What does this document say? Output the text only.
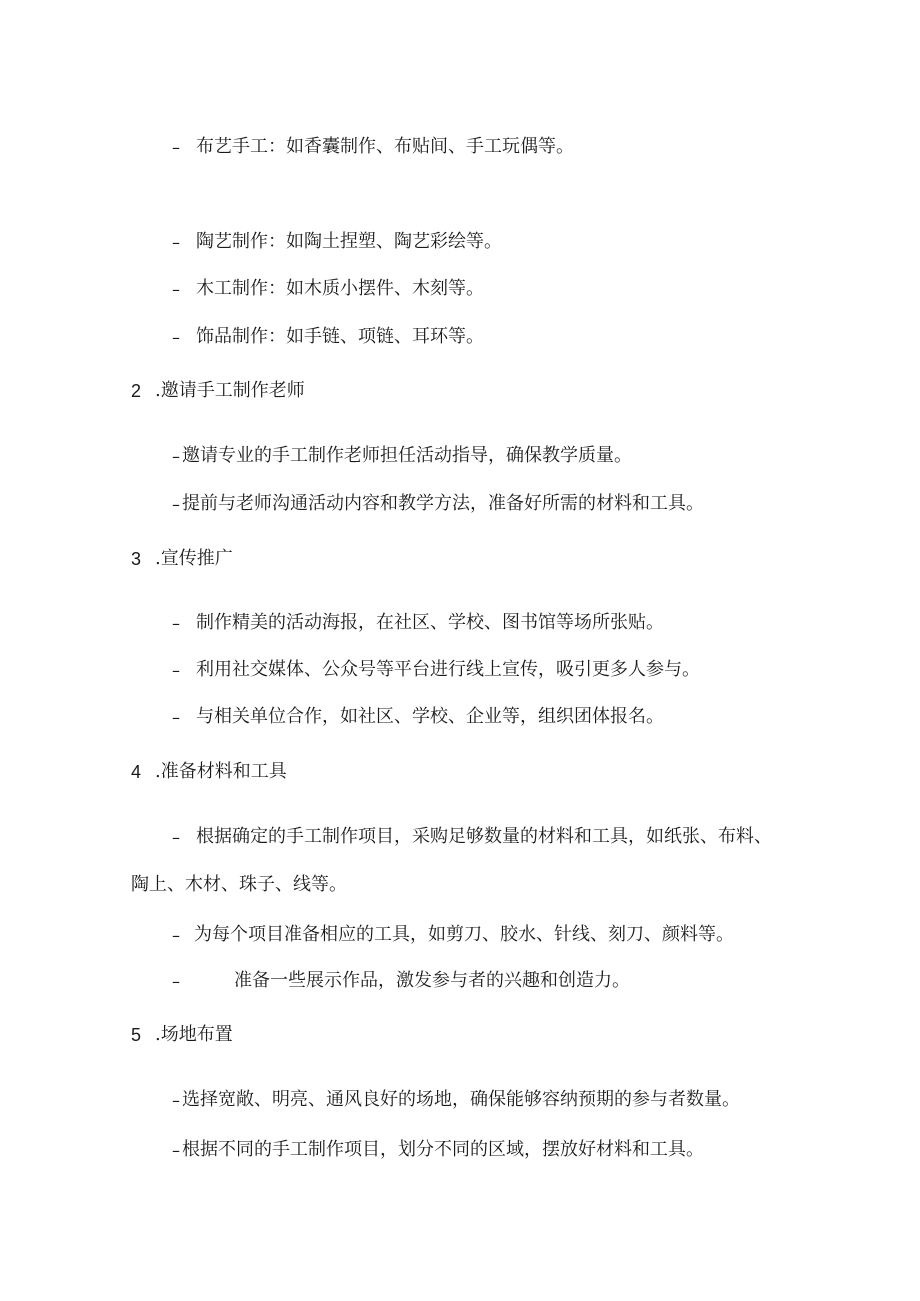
– 布艺手工：如香囊制作、布贴间、手工玩偶等。
– 陶艺制作：如陶土捏塑、陶艺彩绘等。
– 木工制作：如木质小摆件、木刻等。
– 饰品制作：如手链、项链、耳环等。
2 .邀请手工制作老师
– 邀请专业的手工制作老师担任活动指导，确保教学质量。
– 提前与老师沟通活动内容和教学方法，准备好所需的材料和工具。
3 .宣传推广
– 制作精美的活动海报，在社区、学校、图书馆等场所张贴。
– 利用社交媒体、公众号等平台进行线上宣传，吸引更多人参与。
– 与相关单位合作，如社区、学校、企业等，组织团体报名。
4 .准备材料和工具
– 根据确定的手工制作项目，采购足够数量的材料和工具，如纸张、布料、
陶上、木材、珠子、线等。
– 为每个项目准备相应的工具，如剪刀、胶水、针线、刻刀、颜料等。
–	准备一些展示作品，激发参与者的兴趣和创造力。
5 .场地布置
– 选择宽敞、明亮、通风良好的场地，确保能够容纳预期的参与者数量。
– 根据不同的手工制作项目，划分不同的区域，摆放好材料和工具。
